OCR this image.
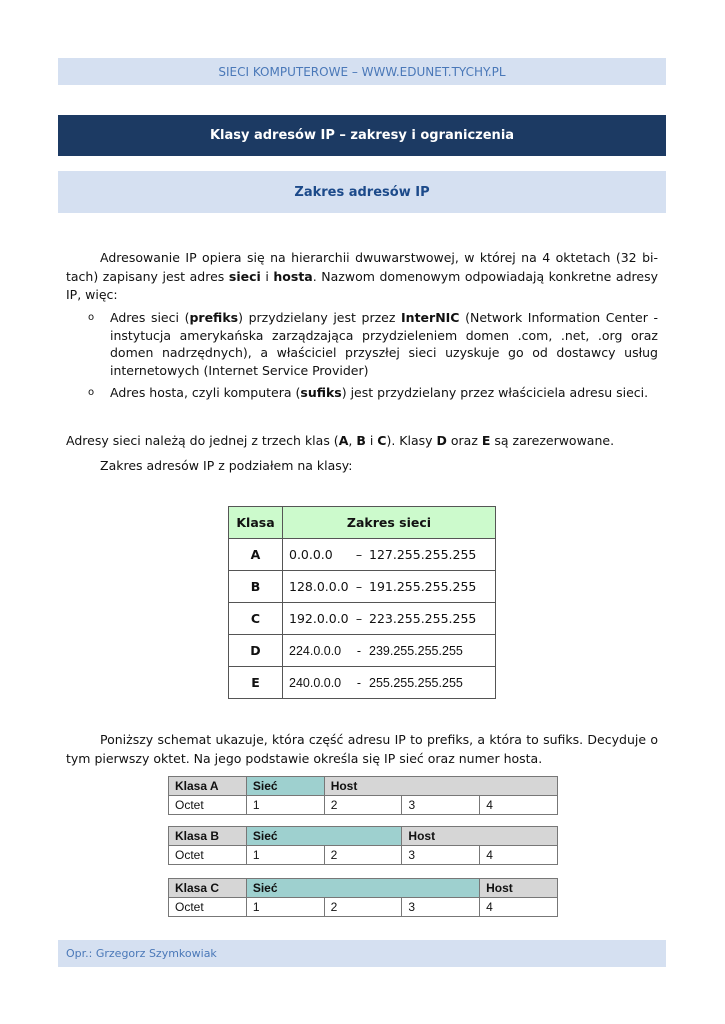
SIECI KOMPUTEROWE – WWW.EDUNET.TYCHY.PL
Klasy adresów IP – zakresy i ograniczenia
Zakres adresów IP
Adresowanie IP opiera się na hierarchii dwuwarstwowej, w której na 4 oktetach (32 bi-tach) zapisany jest adres sieci i hosta. Nazwom domenowym odpowiadają konkretne adresy IP, więc:
o Adres sieci (prefiks) przydzielany jest przez InterNIC (Network Information Center - instytucja amerykańska zarządzająca przydzieleniem domen .com, .net, .org oraz domen nadrzędnych), a właściciel przyszłej sieci uzyskuje go od dostawcy usług internetowych (Internet Service Provider)
o Adres hosta, czyli komputera (sufiks) jest przydzielany przez właściciela adresu sieci.
Adresy sieci należą do jednej z trzech klas (A, B i C). Klasy D oraz E są zarezerwowane.
Zakres adresów IP z podziałem na klasy:
Klasa	Zakres sieci
A	0.0.0.0 – 127.255.255.255

B	128.0.0.0 – 191.255.255.255

C	192.0.0.0 – 223.255.255.255

D	224.0.0.0 - 239.255.255.255

E	240.0.0.0 - 255.255.255.255
Poniższy schemat ukazuje, która część adresu IP to prefiks, a która to sufiks. Decyduje o tym pierwszy oktet. Na jego podstawie określa się IP sieć oraz numer hosta.
Klasa A	Sieć	Host		
Octet	1	2	3	4
Klasa B	Sieć		Host	
Octet	1	2	3	4
Klasa C	Sieć			Host
Octet	1	2	3	4
Opr.: Grzegorz Szymkowiak
